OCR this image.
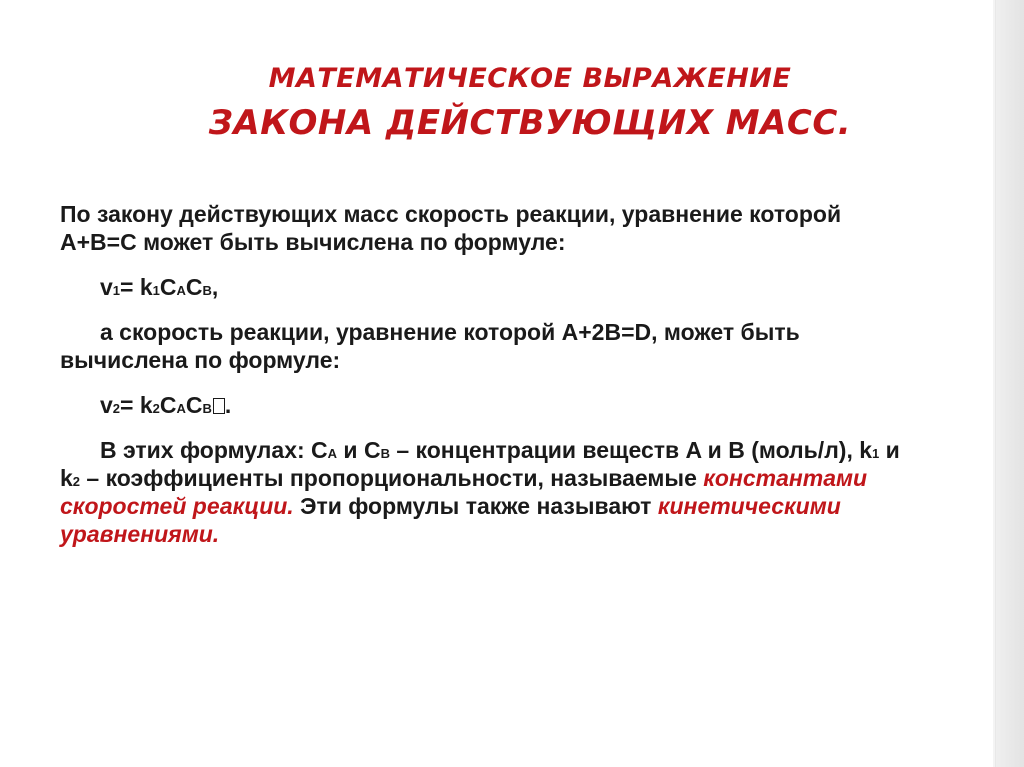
МАТЕМАТИЧЕСКОЕ ВЫРАЖЕНИЕ
ЗАКОНА ДЕЙСТВУЮЩИХ МАСС.

По закону действующих масс скорость реакции, уравнение которой A+B=C может быть вычислена по формуле:

v1= k1CACB,

а скорость реакции, уравнение которой A+2B=D, может быть вычислена по формуле:

v2= k2CACB .

В этих формулах: CA и CB – концентрации веществ A и B (моль/л), k1 и k2 – коэффициенты пропорциональности, называемые константами скоростей реакции. Эти формулы также называют кинетическими уравнениями.
